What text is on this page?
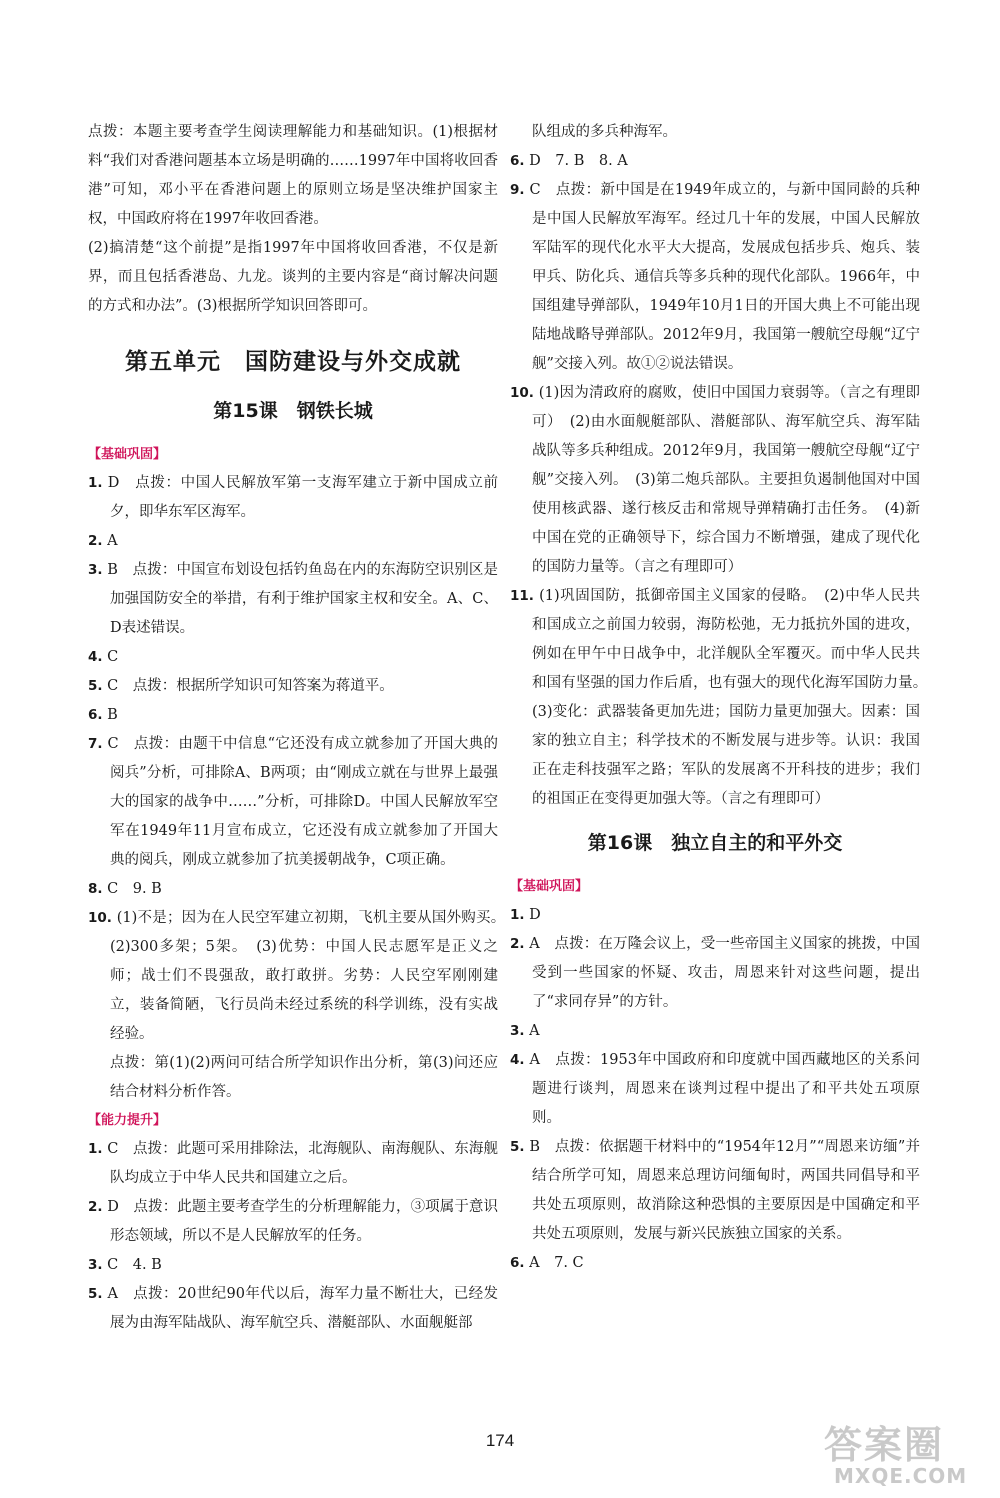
点拨：本题主要考查学生阅读理解能力和基础知识。(1)根据材料“我们对香港问题基本立场是明确的……1997年中国将收回香港”可知，邓小平在香港问题上的原则立场是坚决维护国家主权，中国政府将在1997年收回香港。

(2)搞清楚“这个前提”是指1997年中国将收回香港，不仅是新界，而且包括香港岛、九龙。谈判的主要内容是“商讨解决问题的方式和办法”。(3)根据所学知识回答即可。

第五单元　国防建设与外交成就
第15课　钢铁长城
【基础巩固】

1. D　点拨：中国人民解放军第一支海军建立于新中国成立前夕，即华东军区海军。

2. A

3. B　点拨：中国宣布划设包括钓鱼岛在内的东海防空识别区是加强国防安全的举措，有利于维护国家主权和安全。A、C、D表述错误。

4. C

5. C　点拨：根据所学知识可知答案为蒋道平。

6. B

7. C　点拨：由题干中信息“它还没有成立就参加了开国大典的阅兵”分析，可排除A、B两项；由“刚成立就在与世界上最强大的国家的战争中……”分析，可排除D。中国人民解放军空军在1949年11月宣布成立，它还没有成立就参加了开国大典的阅兵，刚成立就参加了抗美援朝战争，C项正确。

8. C　9. B

10. (1)不是；因为在人民空军建立初期，飞机主要从国外购买。　(2)300多架；5架。　(3)优势：中国人民志愿军是正义之师；战士们不畏强敌，敢打敢拼。劣势：人民空军刚刚建立，装备简陋，飞行员尚未经过系统的科学训练，没有实战经验。

点拨：第(1)(2)两问可结合所学知识作出分析，第(3)问还应结合材料分析作答。

【能力提升】

1. C　点拨：此题可采用排除法，北海舰队、南海舰队、东海舰队均成立于中华人民共和国建立之后。

2. D　点拨：此题主要考查学生的分析理解能力，③项属于意识形态领域，所以不是人民解放军的任务。

3. C　4. B

5. A　点拨：20世纪90年代以后，海军力量不断壮大，已经发展为由海军陆战队、海军航空兵、潜艇部队、水面舰艇部

队组成的多兵种海军。

6. D　7. B　8. A

9. C　点拨：新中国是在1949年成立的，与新中国同龄的兵种是中国人民解放军海军。经过几十年的发展，中国人民解放军陆军的现代化水平大大提高，发展成包括步兵、炮兵、装甲兵、防化兵、通信兵等多兵种的现代化部队。1966年，中国组建导弹部队，1949年10月1日的开国大典上不可能出现陆地战略导弹部队。2012年9月，我国第一艘航空母舰“辽宁舰”交接入列。故①②说法错误。

10. (1)因为清政府的腐败，使旧中国国力衰弱等。（言之有理即可）　(2)由水面舰艇部队、潜艇部队、海军航空兵、海军陆战队等多兵种组成。2012年9月，我国第一艘航空母舰“辽宁舰”交接入列。　(3)第二炮兵部队。主要担负遏制他国对中国使用核武器、遂行核反击和常规导弹精确打击任务。　(4)新中国在党的正确领导下，综合国力不断增强，建成了现代化的国防力量等。（言之有理即可）

11. (1)巩固国防，抵御帝国主义国家的侵略。　(2)中华人民共和国成立之前国力较弱，海防松弛，无力抵抗外国的进攻，例如在甲午中日战争中，北洋舰队全军覆灭。而中华人民共和国有坚强的国力作后盾，也有强大的现代化海军国防力量。　(3)变化：武器装备更加先进；国防力量更加强大。因素：国家的独立自主；科学技术的不断发展与进步等。认识：我国正在走科技强军之路；军队的发展离不开科技的进步；我们的祖国正在变得更加强大等。（言之有理即可）

第16课　独立自主的和平外交
【基础巩固】

1. D

2. A　点拨：在万隆会议上，受一些帝国主义国家的挑拨，中国受到一些国家的怀疑、攻击，周恩来针对这些问题，提出了“求同存异”的方针。

3. A

4. A　点拨：1953年中国政府和印度就中国西藏地区的关系问题进行谈判，周恩来在谈判过程中提出了和平共处五项原则。

5. B　点拨：依据题干材料中的“1954年12月”“周恩来访缅”并结合所学可知，周恩来总理访问缅甸时，两国共同倡导和平共处五项原则，故消除这种恐惧的主要原因是中国确定和平共处五项原则，发展与新兴民族独立国家的关系。

6. A　7. C

174	答案圈
MXQE.COM
